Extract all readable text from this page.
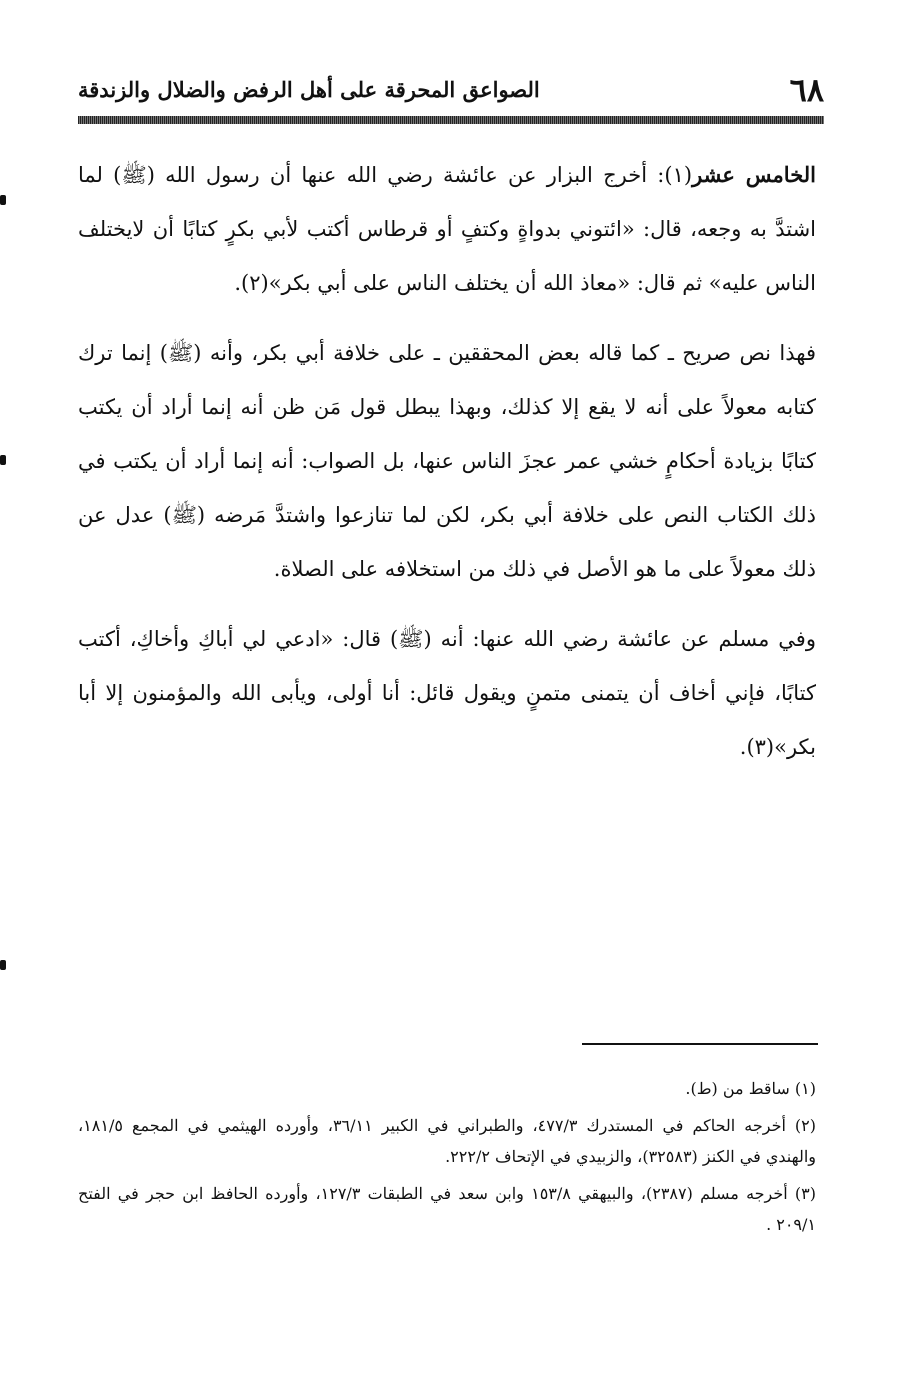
٦٨
الصواعق المحرقة على أهل الرفض والضلال والزندقة

الخامس عشر(١): أخرج البزار عن عائشة رضي الله عنها أن رسول الله (ﷺ) لما اشتدَّ به وجعه، قال: «ائتوني بدواةٍ وكتفٍ أو قرطاس أكتب لأبي بكرٍ كتابًا أن لايختلف الناس عليه» ثم قال: «معاذ الله أن يختلف الناس على أبي بكر»(٢).

فهذا نص صريح ـ كما قاله بعض المحققين ـ على خلافة أبي بكر، وأنه (ﷺ) إنما ترك كتابه معولاً على أنه لا يقع إلا كذلك، وبهذا يبطل قول مَن ظن أنه إنما أراد أن يكتب كتابًا بزيادة أحكامٍ خشي عمر عجزَ الناس عنها، بل الصواب: أنه إنما أراد أن يكتب في ذلك الكتاب النص على خلافة أبي بكر، لكن لما تنازعوا واشتدَّ مَرضه (ﷺ) عدل عن ذلك معولاً على ما هو الأصل في ذلك من استخلافه على الصلاة.

وفي مسلم عن عائشة رضي الله عنها: أنه (ﷺ) قال: «ادعي لي أباكِ وأخاكِ، أكتب كتابًا، فإني أخاف أن يتمنى متمنٍ ويقول قائل: أنا أولى، ويأبى الله والمؤمنون إلا أبا بكر»(٣).

(١) ساقط من (ط).

(٢) أخرجه الحاكم في المستدرك ٤٧٧/٣، والطبراني في الكبير ٣٦/١١، وأورده الهيثمي في المجمع ١٨١/٥، والهندي في الكنز (٣٢٥٨٣)، والزبيدي في الإتحاف ٢٢٢/٢.

(٣) أخرجه مسلم (٢٣٨٧)، والبيهقي ١٥٣/٨ وابن سعد في الطبقات ١٢٧/٣، وأورده الحافظ ابن حجر في الفتح ٢٠٩/١ .
